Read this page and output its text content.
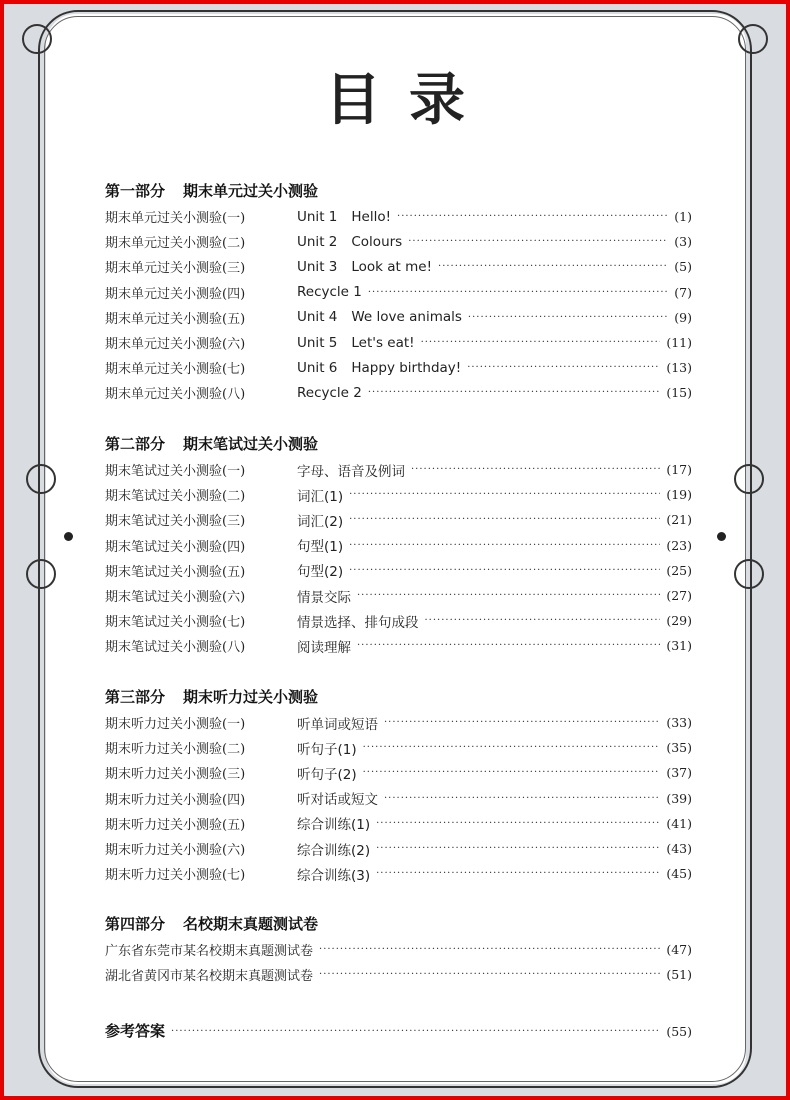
目录
第一部分 期末单元过关小测验
期末单元过关小测验(一)	Unit 1 Hello! ·····	(1)
期末单元过关小测验(二)	Unit 2 Colours ·····	(3)
期末单元过关小测验(三)	Unit 3 Look at me! ·····	(5)
期末单元过关小测验(四)	Recycle 1 ·····	(7)
期末单元过关小测验(五)	Unit 4 We love animals ·····	(9)
期末单元过关小测验(六)	Unit 5 Let's eat! ·····	(11)
期末单元过关小测验(七)	Unit 6 Happy birthday! ·····	(13)
期末单元过关小测验(八)	Recycle 2 ·····	(15)
第二部分 期末笔试过关小测验
期末笔试过关小测验(一)	字母、语音及例词 ·····	(17)
期末笔试过关小测验(二)	词汇(1) ·····	(19)
期末笔试过关小测验(三)	词汇(2) ·····	(21)
期末笔试过关小测验(四)	句型(1) ·····	(23)
期末笔试过关小测验(五)	句型(2) ·····	(25)
期末笔试过关小测验(六)	情景交际 ·····	(27)
期末笔试过关小测验(七)	情景选择、排句成段 ·····	(29)
期末笔试过关小测验(八)	阅读理解 ·····	(31)
第三部分 期末听力过关小测验
期末听力过关小测验(一)	听单词或短语 ·····	(33)
期末听力过关小测验(二)	听句子(1) ·····	(35)
期末听力过关小测验(三)	听句子(2) ·····	(37)
期末听力过关小测验(四)	听对话或短文 ·····	(39)
期末听力过关小测验(五)	综合训练(1) ·····	(41)
期末听力过关小测验(六)	综合训练(2) ·····	(43)
期末听力过关小测验(七)	综合训练(3) ·····	(45)
第四部分 名校期末真题测试卷
广东省东莞市某名校期末真题测试卷 ·····	(47)
湖北省黄冈市某名校期末真题测试卷 ·····	(51)
参考答案 ·····	(55)
